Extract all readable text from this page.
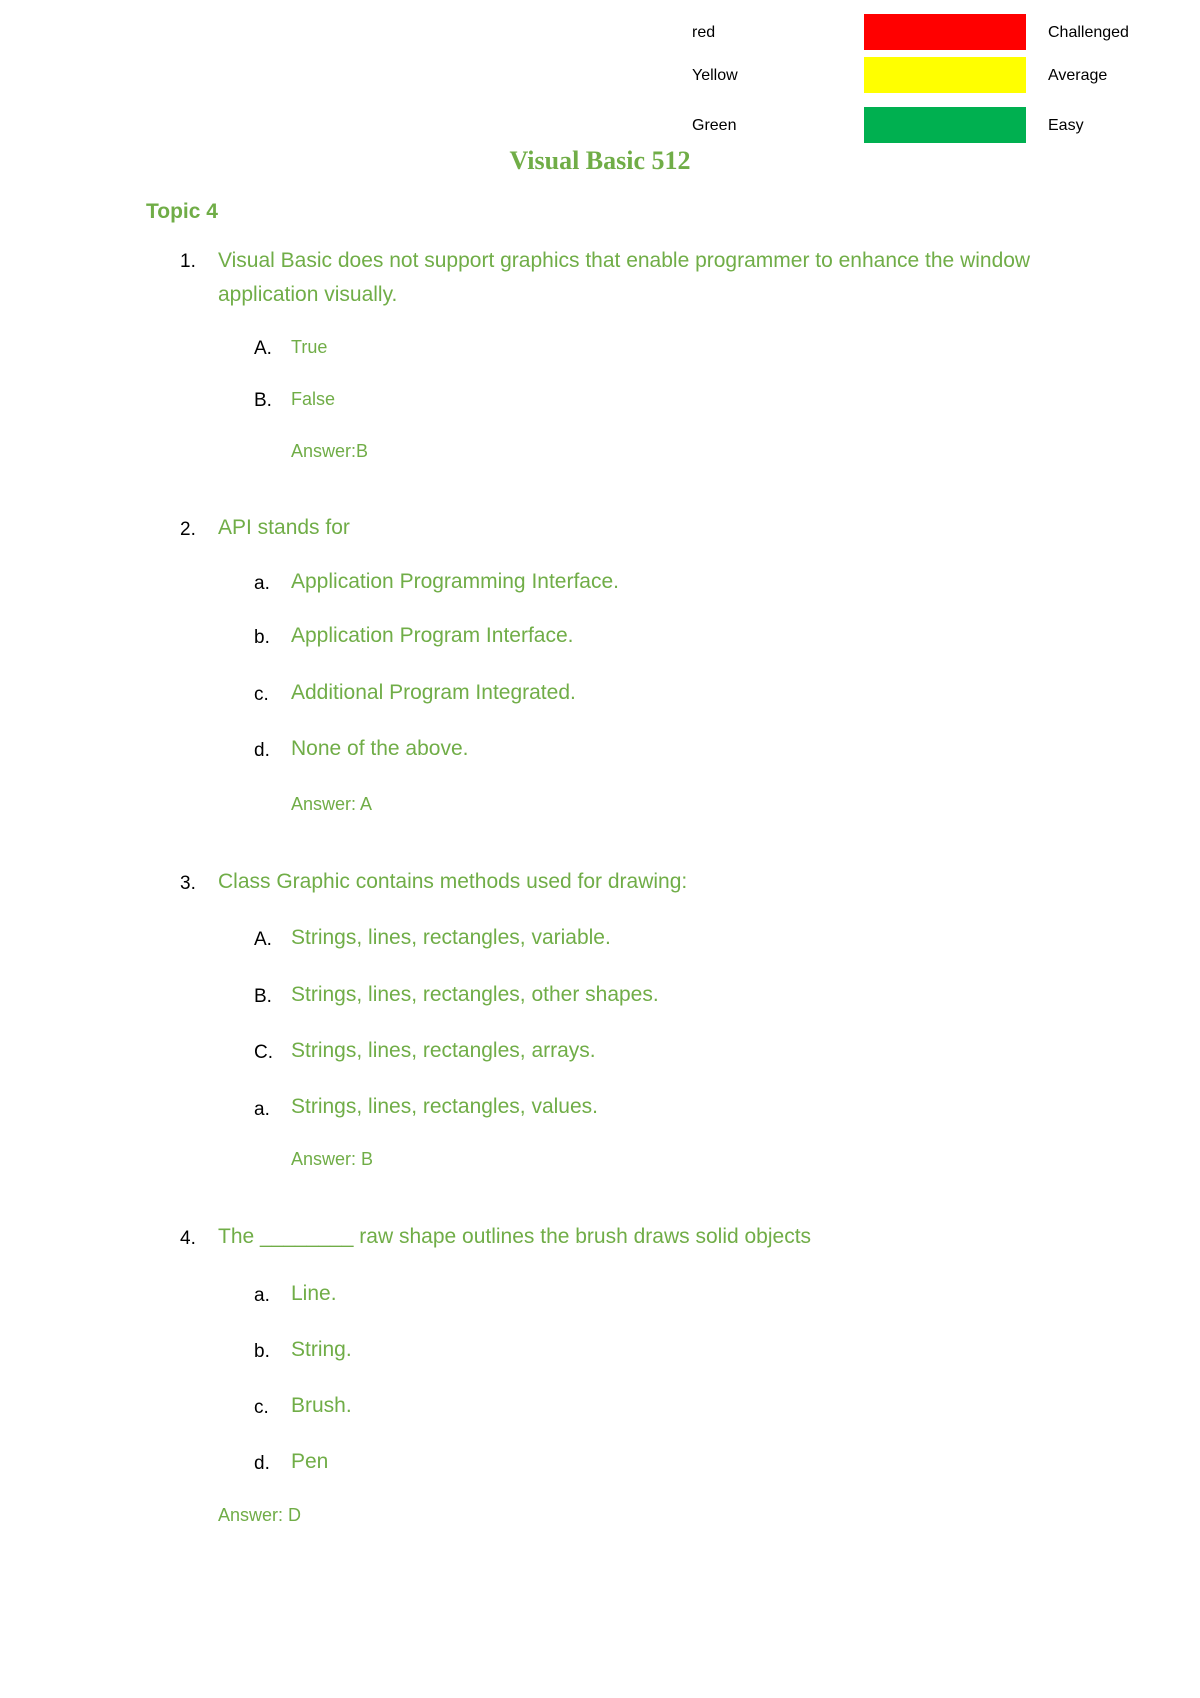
red	Challenged
Yellow	Average
Green	Easy
Visual Basic 512
Topic 4
1. Visual Basic does not support graphics that enable programmer to enhance the window application visually.
A. True
B. False
Answer:B
2. API stands for
a. Application Programming Interface.
b. Application Program Interface.
c. Additional Program Integrated.
d. None of the above.
Answer: A
3. Class Graphic contains methods used for drawing:
A. Strings, lines, rectangles, variable.
B. Strings, lines, rectangles, other shapes.
C. Strings, lines, rectangles, arrays.
a. Strings, lines, rectangles, values.
Answer: B
4. The ________ raw shape outlines the brush draws solid objects
a. Line.
b. String.
c. Brush.
d. Pen
Answer: D
